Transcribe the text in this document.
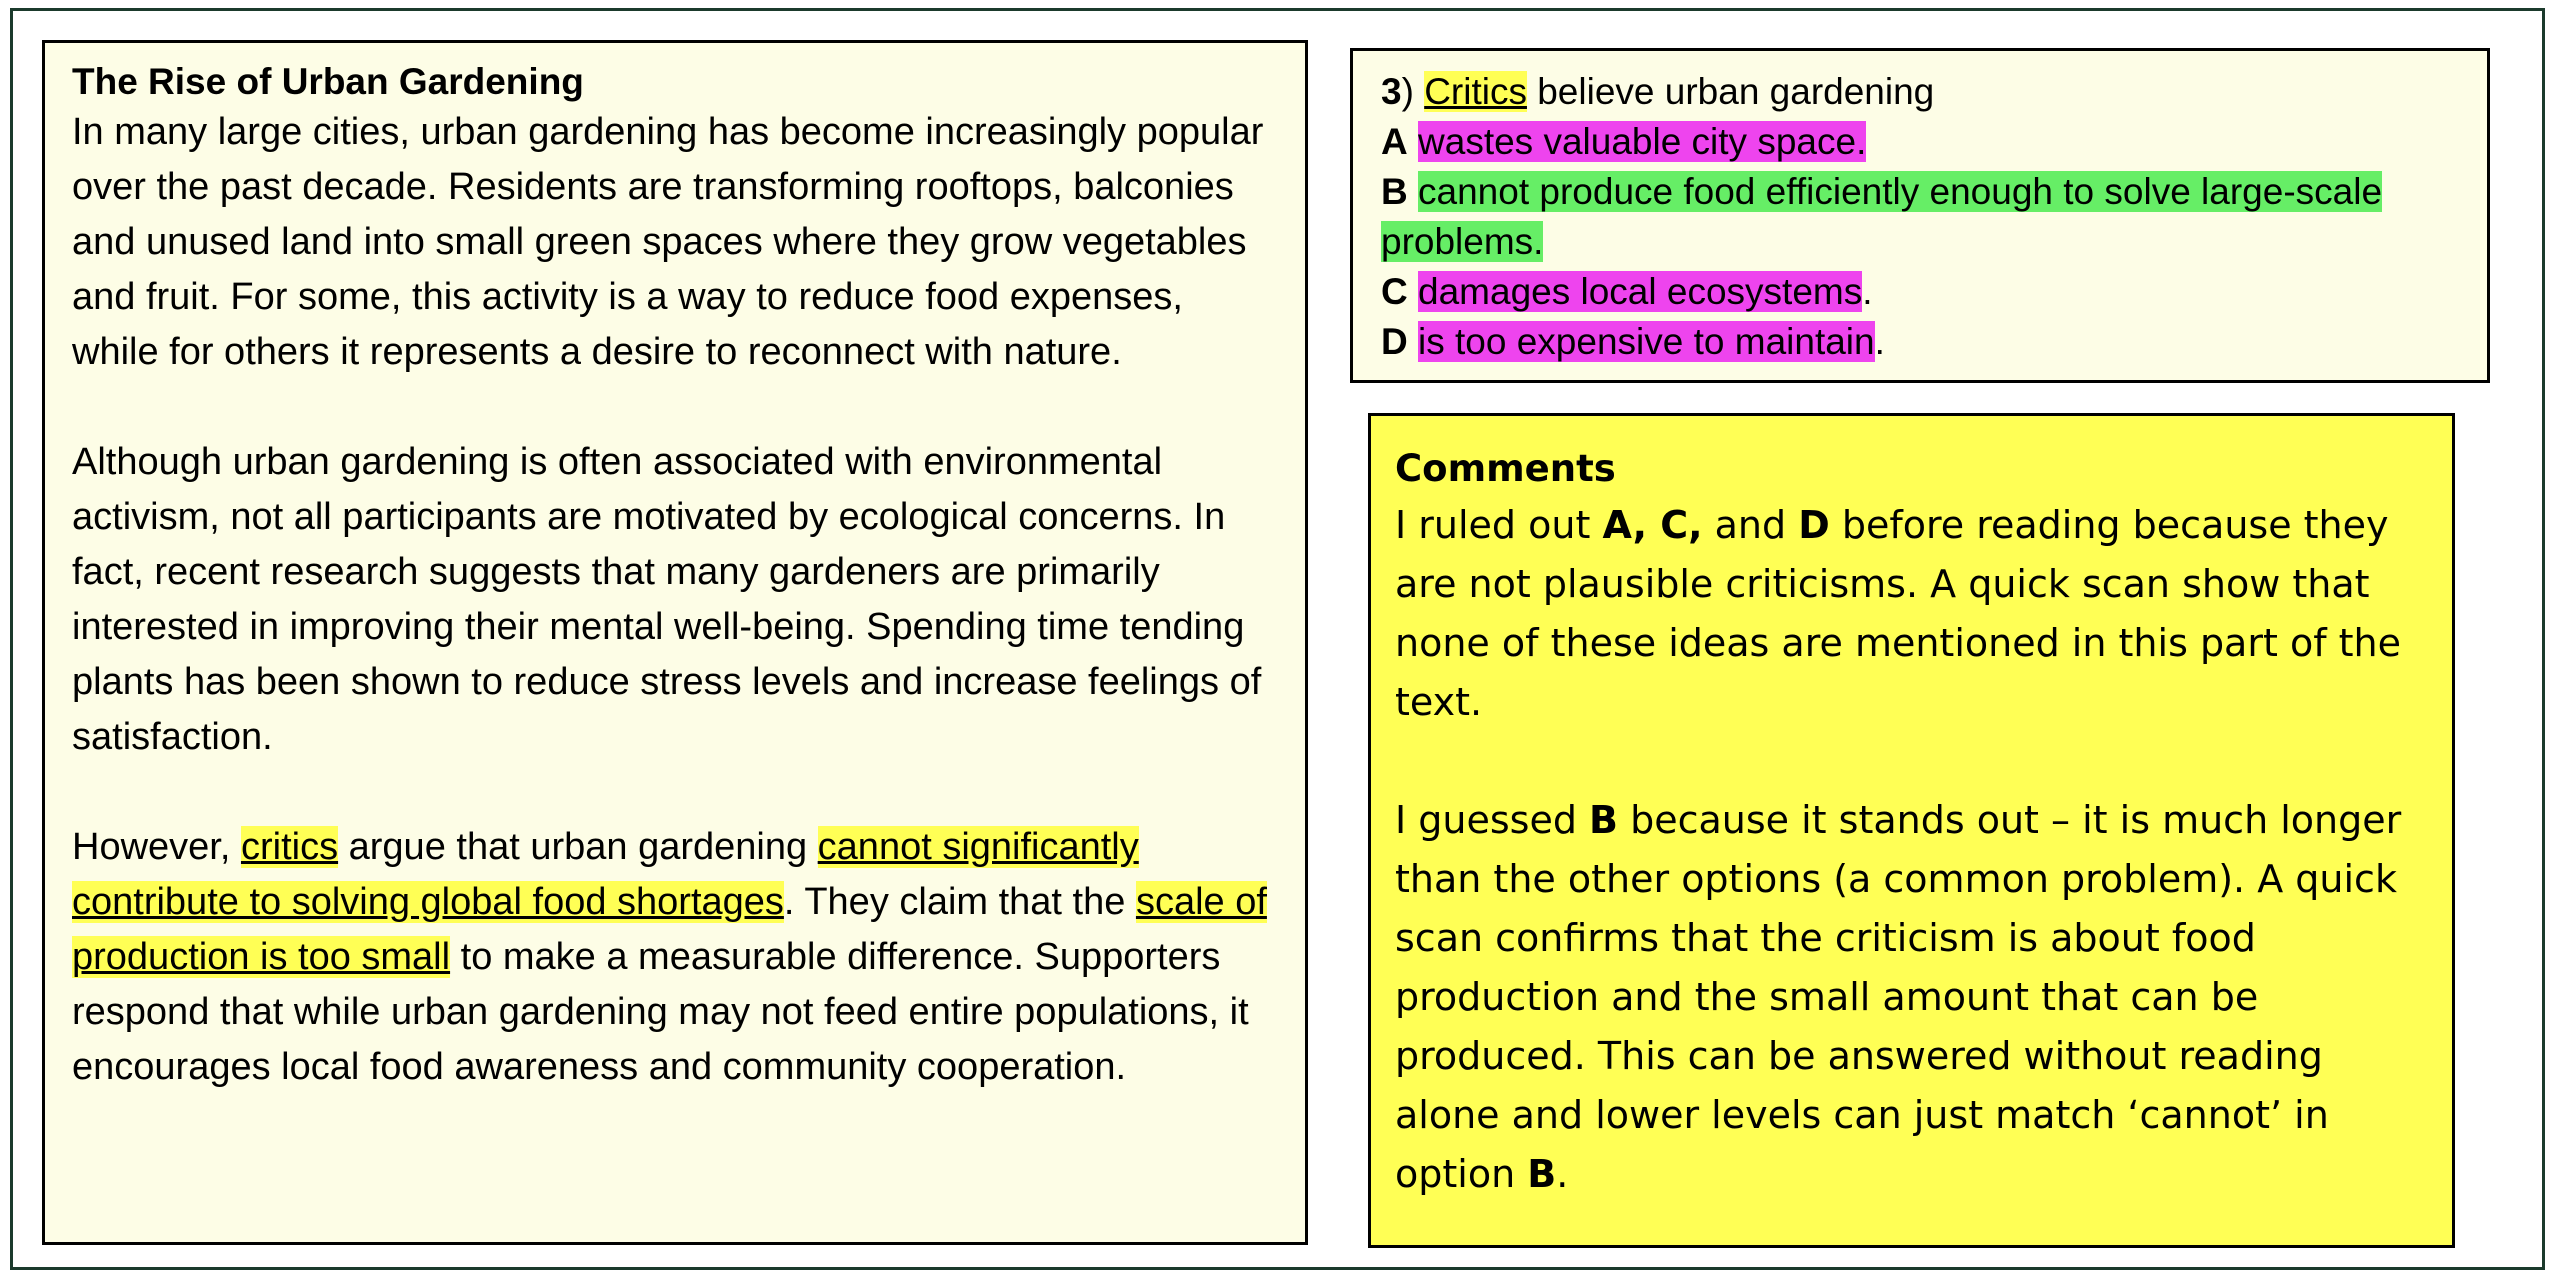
The Rise of Urban Gardening

In many large cities, urban gardening has become increasingly popular over the past decade. Residents are transforming rooftops, balconies and unused land into small green spaces where they grow vegetables and fruit. For some, this activity is a way to reduce food expenses, while for others it represents a desire to reconnect with nature.

Although urban gardening is often associated with environmental activism, not all participants are motivated by ecological concerns. In fact, recent research suggests that many gardeners are primarily interested in improving their mental well-being. Spending time tending plants has been shown to reduce stress levels and increase feelings of satisfaction.

However, critics argue that urban gardening cannot significantly contribute to solving global food shortages. They claim that the scale of production is too small to make a measurable difference. Supporters respond that while urban gardening may not feed entire populations, it encourages local food awareness and community cooperation.

3) Critics believe urban gardening
A wastes valuable city space.
B cannot produce food efficiently enough to solve large-scale problems.
C damages local ecosystems.
D is too expensive to maintain.
Comments

I ruled out A, C, and D before reading because they are not plausible criticisms. A quick scan show that none of these ideas are mentioned in this part of the text.

I guessed B because it stands out – it is much longer than the other options (a common problem). A quick scan confirms that the criticism is about food production and the small amount that can be produced. This can be answered without reading alone and lower levels can just match ‘cannot’ in option B.
